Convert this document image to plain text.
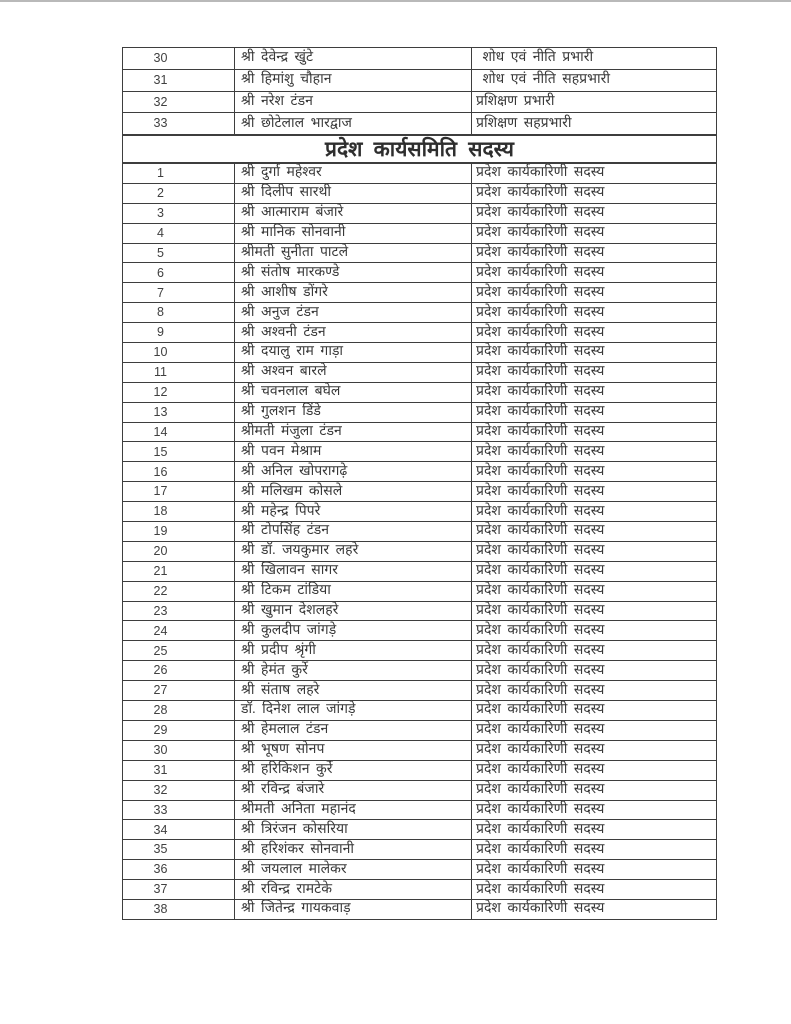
30	श्री देवेन्द्र खुंटे	शोध एवं नीति प्रभारी
31	श्री हिमांशु चौहान	शोध एवं नीति सहप्रभारी
32	श्री नरेश टंडन	प्रशिक्षण प्रभारी
33	श्री छोटेलाल भारद्वाज	प्रशिक्षण सहप्रभारी
प्रदेश कार्यसमिति सदस्य
1	श्री दुर्गा महेश्वर	प्रदेश कार्यकारिणी सदस्य
2	श्री दिलीप सारथी	प्रदेश कार्यकारिणी सदस्य
3	श्री आत्माराम बंजारे	प्रदेश कार्यकारिणी सदस्य
4	श्री मानिक सोनवानी	प्रदेश कार्यकारिणी सदस्य
5	श्रीमती सुनीता पाटले	प्रदेश कार्यकारिणी सदस्य
6	श्री संतोष मारकण्डे	प्रदेश कार्यकारिणी सदस्य
7	श्री आशीष डोंगरे	प्रदेश कार्यकारिणी सदस्य
8	श्री अनुज टंडन	प्रदेश कार्यकारिणी सदस्य
9	श्री अश्वनी टंडन	प्रदेश कार्यकारिणी सदस्य
10	श्री दयालु राम गाड़ा	प्रदेश कार्यकारिणी सदस्य
11	श्री अश्वन बारले	प्रदेश कार्यकारिणी सदस्य
12	श्री चवनलाल बघेल	प्रदेश कार्यकारिणी सदस्य
13	श्री गुलशन डिंडे	प्रदेश कार्यकारिणी सदस्य
14	श्रीमती मंजुला टंडन	प्रदेश कार्यकारिणी सदस्य
15	श्री पवन मेश्राम	प्रदेश कार्यकारिणी सदस्य
16	श्री अनिल खोपरागढ़े	प्रदेश कार्यकारिणी सदस्य
17	श्री मलिखम कोसले	प्रदेश कार्यकारिणी सदस्य
18	श्री महेन्द्र पिपरे	प्रदेश कार्यकारिणी सदस्य
19	श्री टोपसिंह टंडन	प्रदेश कार्यकारिणी सदस्य
20	श्री डॉ. जयकुमार लहरे	प्रदेश कार्यकारिणी सदस्य
21	श्री खिलावन सागर	प्रदेश कार्यकारिणी सदस्य
22	श्री टिकम टांडिया	प्रदेश कार्यकारिणी सदस्य
23	श्री खुमान देशलहरे	प्रदेश कार्यकारिणी सदस्य
24	श्री कुलदीप जांगड़े	प्रदेश कार्यकारिणी सदस्य
25	श्री प्रदीप श्रृंगी	प्रदेश कार्यकारिणी सदस्य
26	श्री हेमंत कुर्रे	प्रदेश कार्यकारिणी सदस्य
27	श्री संताष लहरे	प्रदेश कार्यकारिणी सदस्य
28	डॉ. दिनेश लाल जांगड़े	प्रदेश कार्यकारिणी सदस्य
29	श्री हेमलाल टंडन	प्रदेश कार्यकारिणी सदस्य
30	श्री भूषण सोनप	प्रदेश कार्यकारिणी सदस्य
31	श्री हरिकिशन कुर्रे	प्रदेश कार्यकारिणी सदस्य
32	श्री रविन्द्र बंजारे	प्रदेश कार्यकारिणी सदस्य
33	श्रीमती अनिता महानंद	प्रदेश कार्यकारिणी सदस्य
34	श्री त्रिरंजन कोसरिया	प्रदेश कार्यकारिणी सदस्य
35	श्री हरिशंकर सोनवानी	प्रदेश कार्यकारिणी सदस्य
36	श्री जयलाल मालेकर	प्रदेश कार्यकारिणी सदस्य
37	श्री रविन्द्र रामटेके	प्रदेश कार्यकारिणी सदस्य
38	श्री जितेन्द्र गायकवाड़	प्रदेश कार्यकारिणी सदस्य
